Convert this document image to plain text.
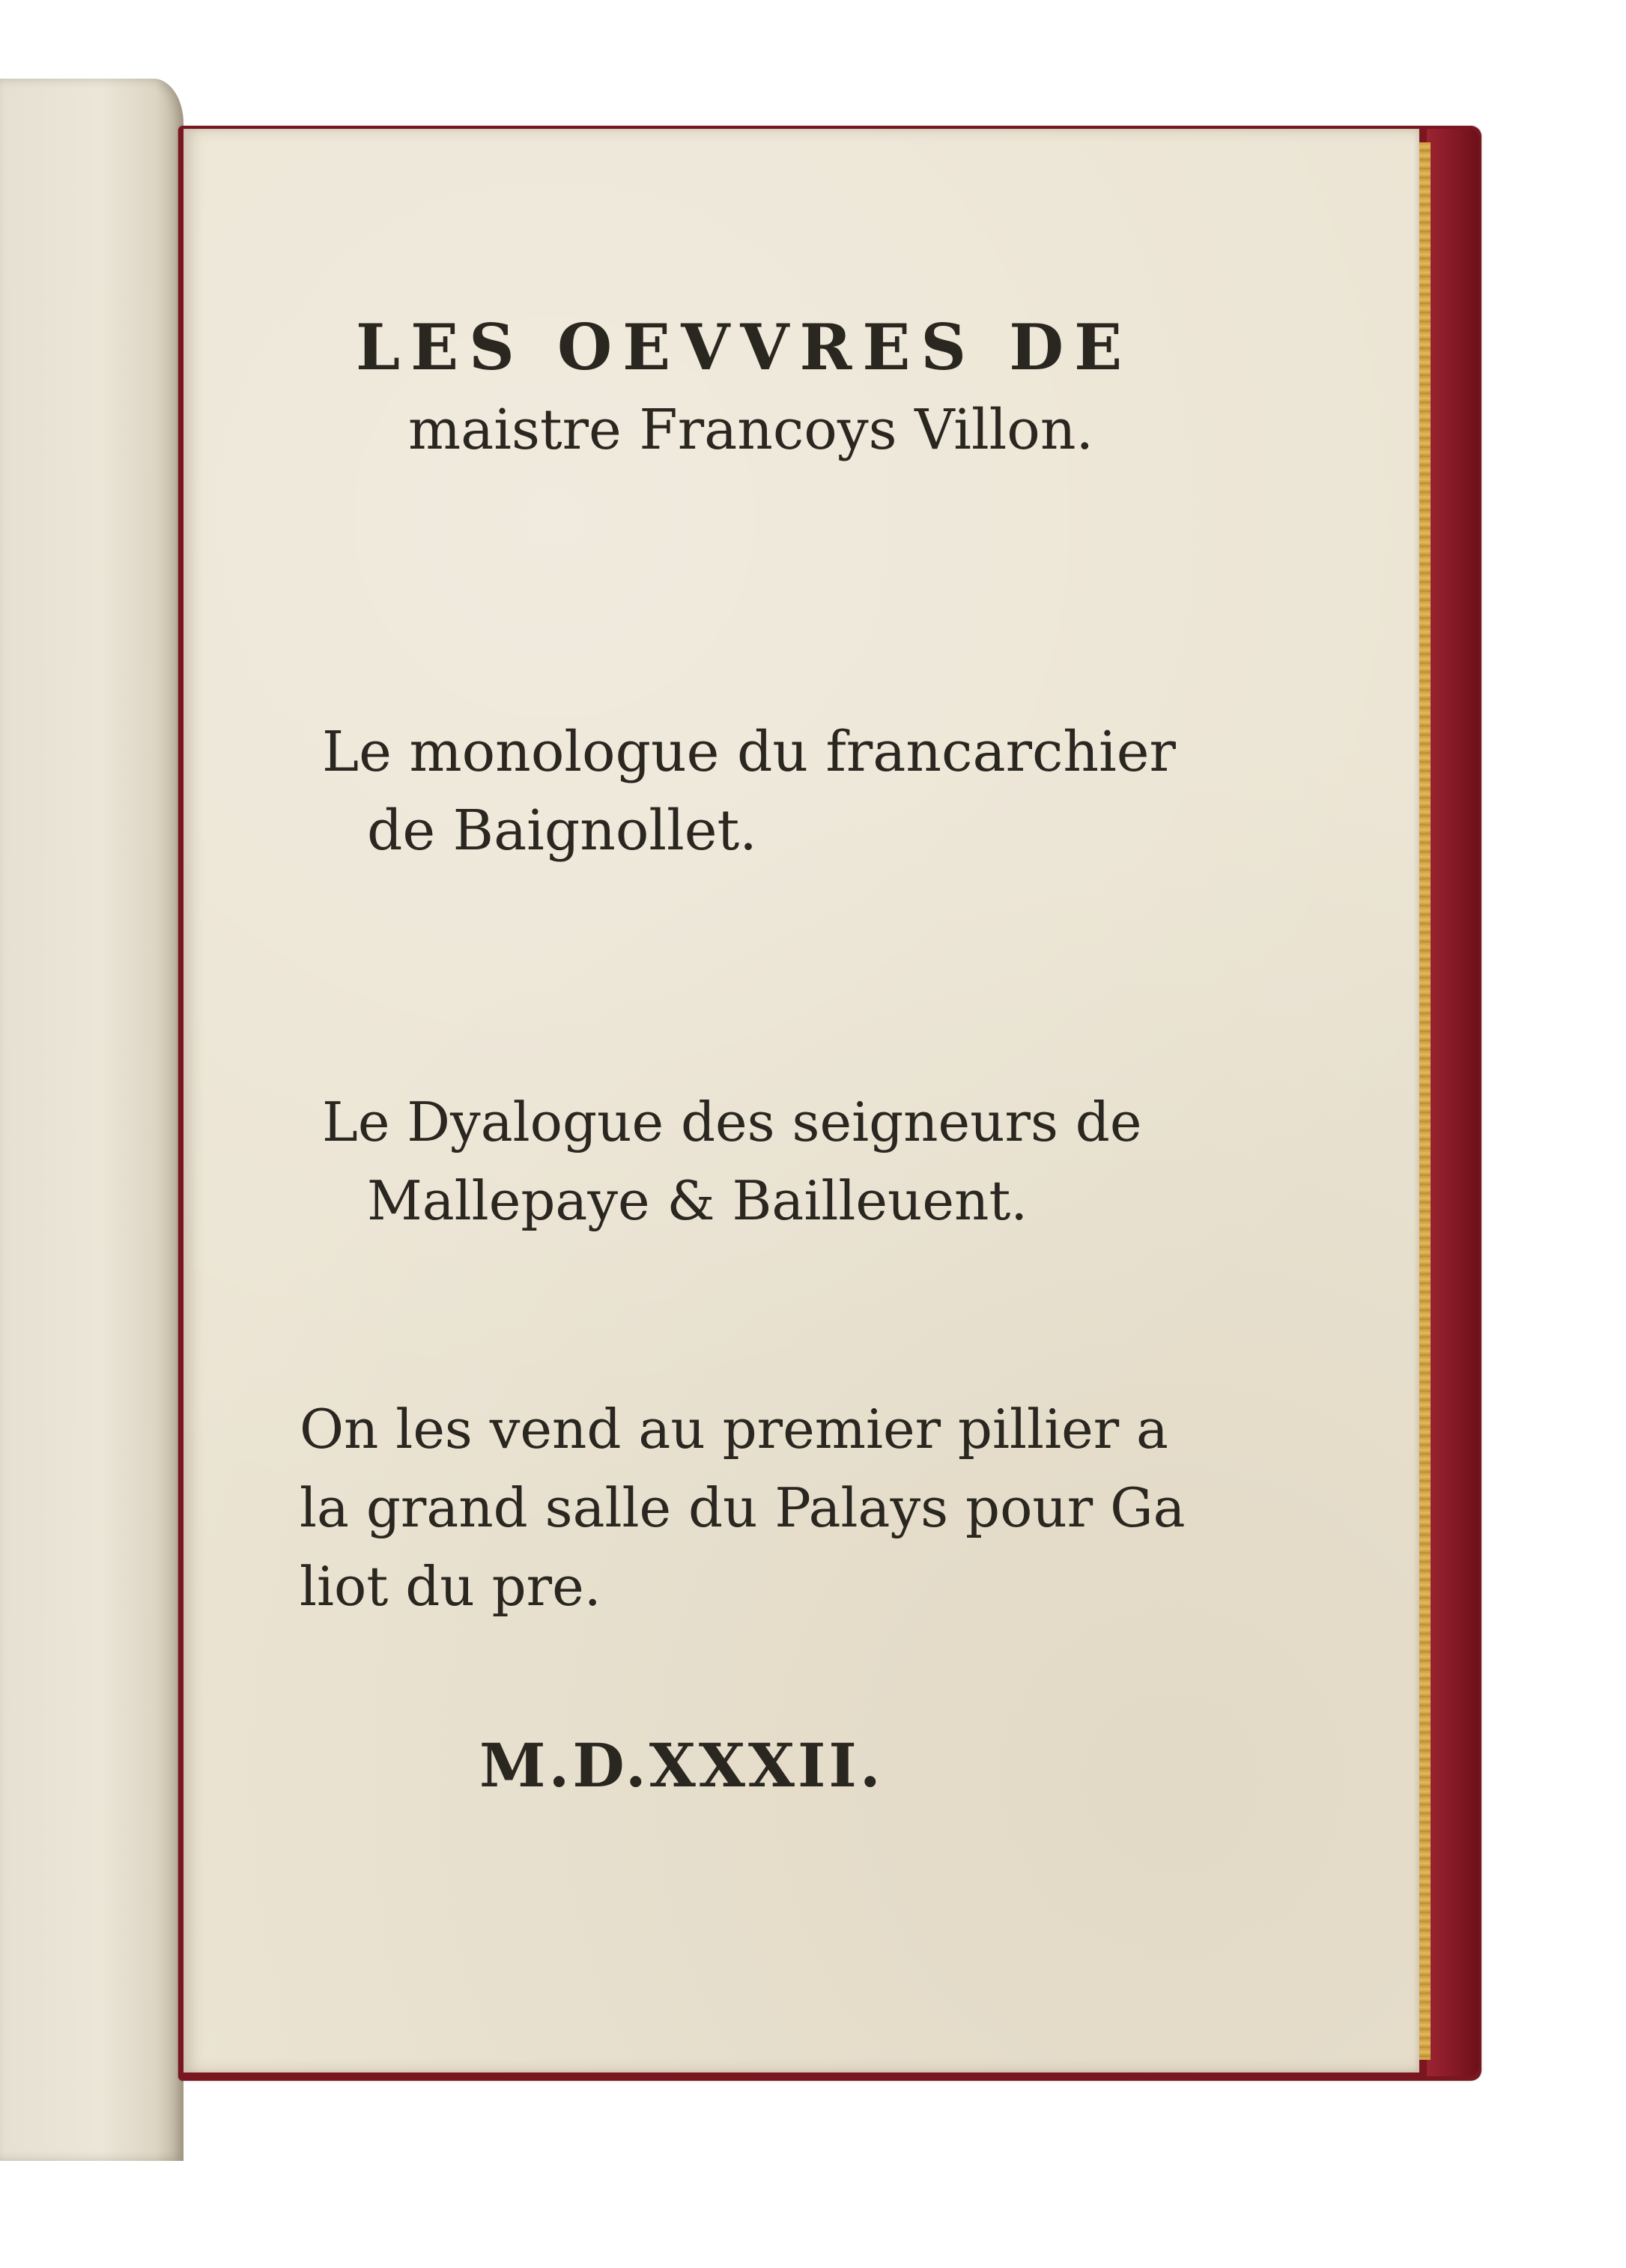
LES OEVVRES DE

maistre Francoys Villon.

Le monologue du francarchier

de Baignollet.

Le Dyalogue des seigneurs de

Mallepaye & Bailleuent.

On les vend au premier pillier a

la grand salle du Palays pour Ga

liot du pre.

M.D.XXXII.
